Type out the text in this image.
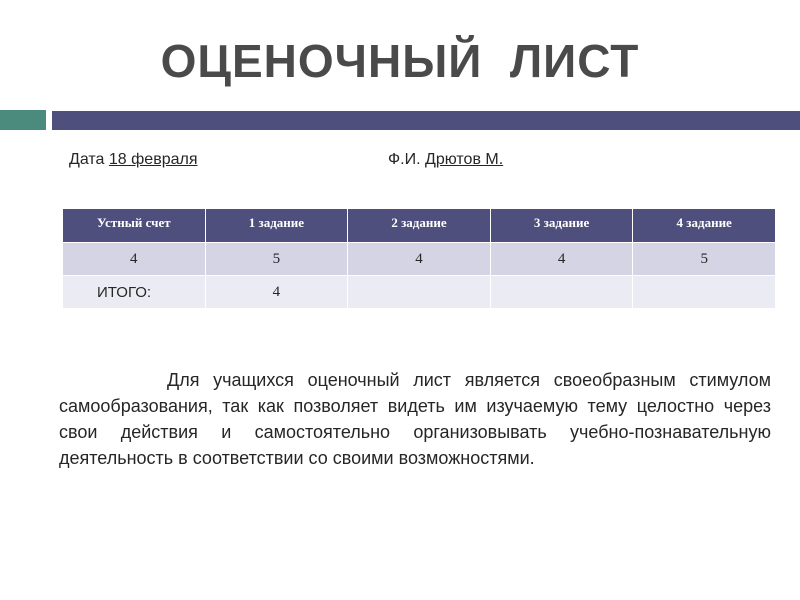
ОЦЕНОЧНЫЙ  ЛИСТ
Дата 18 февраля	Ф.И. Дрютов М.
Устный счет	1 задание	2 задание	3 задание	4 задание
4	5	4	4	5
ИТОГО:	4			

Для учащихся оценочный лист является своеобразным стимулом самообразования, так как позволяет видеть им изучаемую тему целостно через свои действия и самостоятельно организовывать учебно-познавательную деятельность в соответствии со своими возможностями.
